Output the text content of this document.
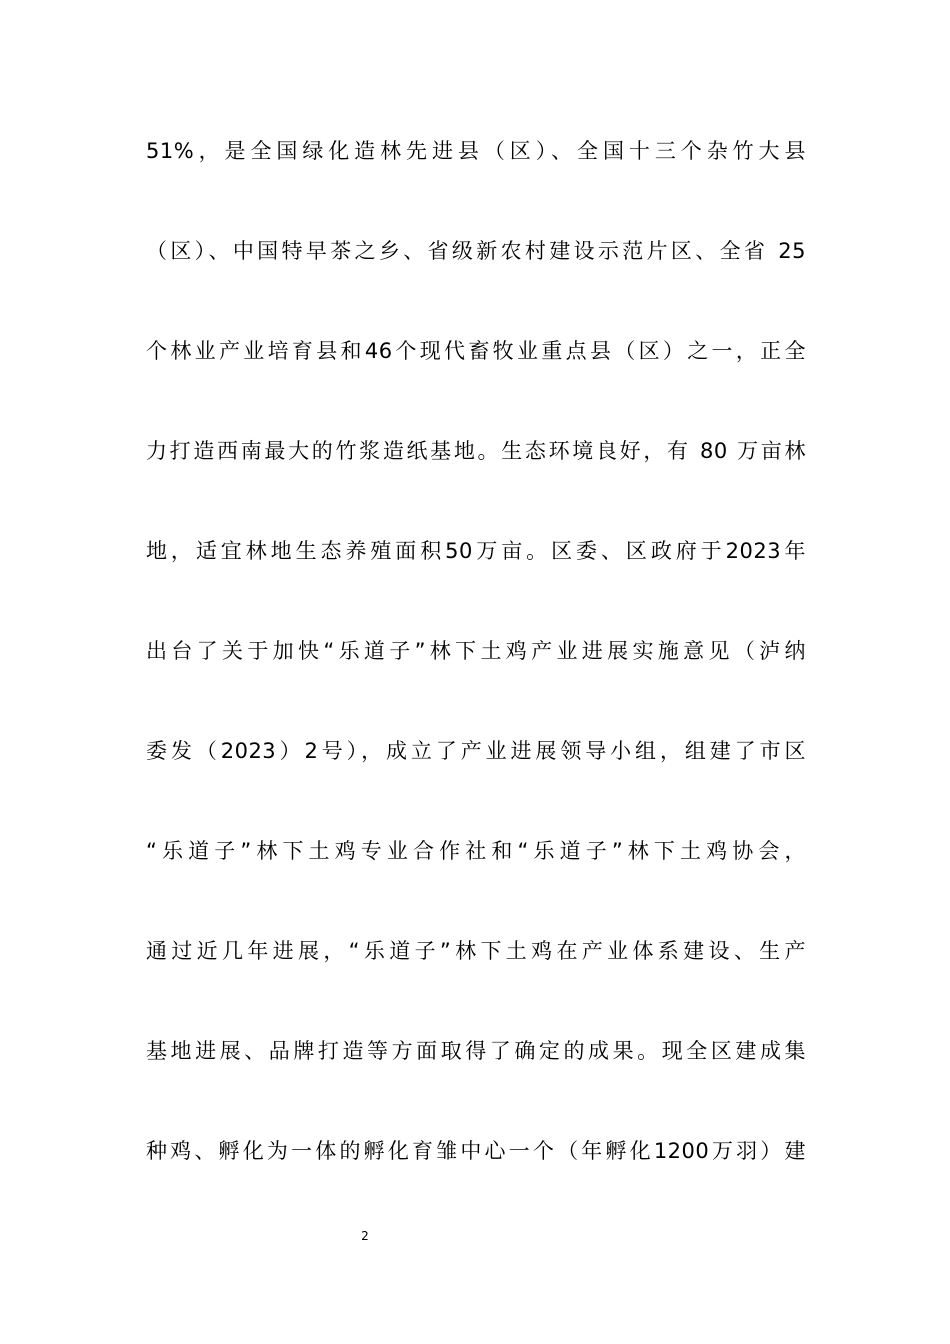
51%，是全国绿化造林先进县（区）、全国十三个杂竹大县
（区）、中国特早茶之乡、省级新农村建设示范片区、全省 25
个林业产业培育县和46个现代畜牧业重点县（区）之一，正全
力打造西南最大的竹浆造纸基地。生态环境良好，有 80 万亩林
地，适宜林地生态养殖面积50万亩。区委、区政府于2023年
出台了关于加快“乐道子”林下土鸡产业进展实施意见（泸纳
委发（2023）2号），成立了产业进展领导小组，组建了市区
“乐道子”林下土鸡专业合作社和“乐道子”林下土鸡协会，
通过近几年进展，“乐道子”林下土鸡在产业体系建设、生产
基地进展、品牌打造等方面取得了确定的成果。现全区建成集
种鸡、孵化为一体的孵化育雏中心一个（年孵化1200万羽）建
2
